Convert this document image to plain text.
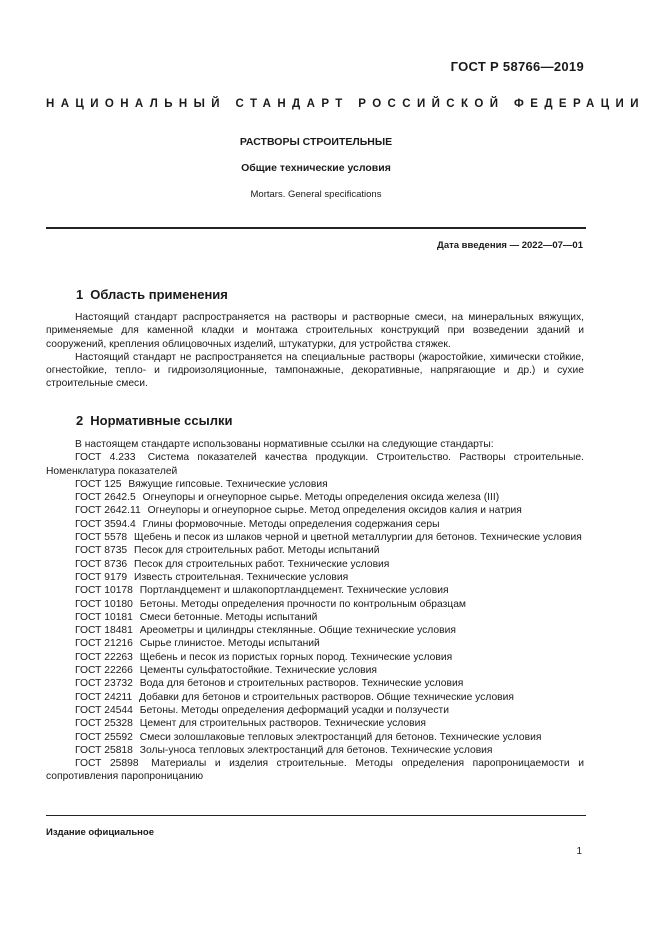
ГОСТ Р 58766—2019
НАЦИОНАЛЬНЫЙ СТАНДАРТ РОССИЙСКОЙ ФЕДЕРАЦИИ

РАСТВОРЫ СТРОИТЕЛЬНЫЕ

Общие технические условия

Mortars. General specifications

Дата введения — 2022—07—01
1 Область применения

Настоящий стандарт распространяется на растворы и растворные смеси, на минеральных вяжущих, применяемые для каменной кладки и монтажа строительных конструкций при возведении зданий и сооружений, крепления облицовочных изделий, штукатурки, для устройства стяжек.

Настоящий стандарт не распространяется на специальные растворы (жаростойкие, химически стойкие, огнестойкие, тепло- и гидроизоляционные, тампонажные, декоративные, напрягающие и др.) и сухие строительные смеси.

2 Нормативные ссылки

В настоящем стандарте использованы нормативные ссылки на следующие стандарты:

ГОСТ 4.233 Система показателей качества продукции. Строительство. Растворы строительные. Номенклатура показателей

ГОСТ 125 Вяжущие гипсовые. Технические условия

ГОСТ 2642.5 Огнеупоры и огнеупорное сырье. Методы определения оксида железа (III)

ГОСТ 2642.11 Огнеупоры и огнеупорное сырье. Метод определения оксидов калия и натрия

ГОСТ 3594.4 Глины формовочные. Методы определения содержания серы

ГОСТ 5578 Щебень и песок из шлаков черной и цветной металлургии для бетонов. Технические условия

ГОСТ 8735 Песок для строительных работ. Методы испытаний

ГОСТ 8736 Песок для строительных работ. Технические условия

ГОСТ 9179 Известь строительная. Технические условия

ГОСТ 10178 Портландцемент и шлакопортландцемент. Технические условия

ГОСТ 10180 Бетоны. Методы определения прочности по контрольным образцам

ГОСТ 10181 Смеси бетонные. Методы испытаний

ГОСТ 18481 Ареометры и цилиндры стеклянные. Общие технические условия

ГОСТ 21216 Сырье глинистое. Методы испытаний

ГОСТ 22263 Щебень и песок из пористых горных пород. Технические условия

ГОСТ 22266 Цементы сульфатостойкие. Технические условия

ГОСТ 23732 Вода для бетонов и строительных растворов. Технические условия

ГОСТ 24211 Добавки для бетонов и строительных растворов. Общие технические условия

ГОСТ 24544 Бетоны. Методы определения деформаций усадки и ползучести

ГОСТ 25328 Цемент для строительных растворов. Технические условия

ГОСТ 25592 Смеси золошлаковые тепловых электростанций для бетонов. Технические условия

ГОСТ 25818 Золы-уноса тепловых электростанций для бетонов. Технические условия

ГОСТ 25898 Материалы и изделия строительные. Методы определения паропроницаемости и сопротивления паропроницанию

Издание официальное
1
